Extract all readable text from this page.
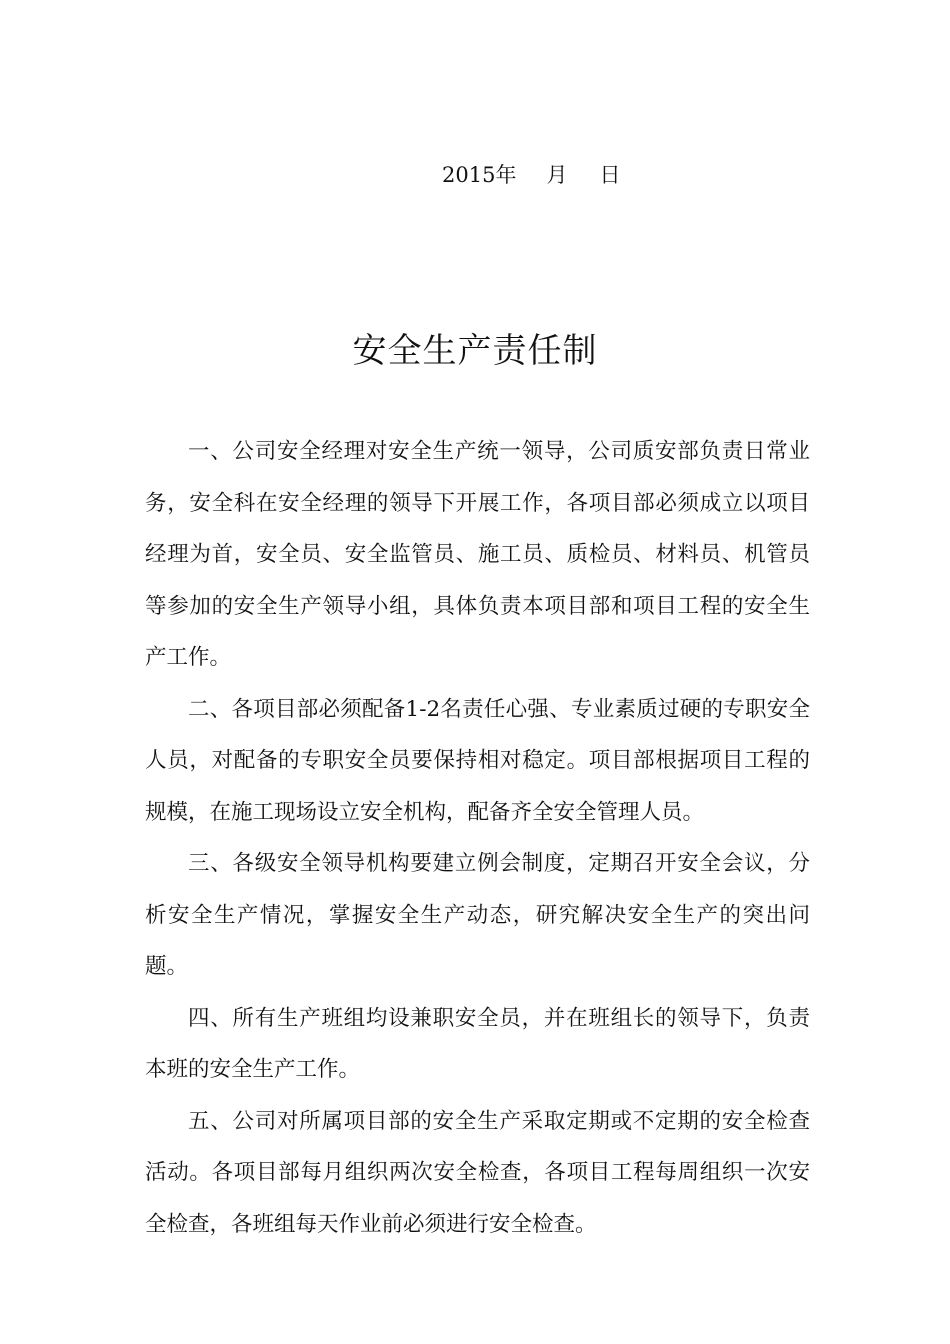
2015年 月 日
安全生产责任制

一、公司安全经理对安全生产统一领导，公司质安部负责日常业务，安全科在安全经理的领导下开展工作，各项目部必须成立以项目经理为首，安全员、安全监管员、施工员、质检员、材料员、机管员等参加的安全生产领导小组，具体负责本项目部和项目工程的安全生产工作。

二、各项目部必须配备1-2名责任心强、专业素质过硬的专职安全人员，对配备的专职安全员要保持相对稳定。项目部根据项目工程的规模，在施工现场设立安全机构，配备齐全安全管理人员。

三、各级安全领导机构要建立例会制度，定期召开安全会议，分析安全生产情况，掌握安全生产动态，研究解决安全生产的突出问题。

四、所有生产班组均设兼职安全员，并在班组长的领导下，负责本班的安全生产工作。

五、公司对所属项目部的安全生产采取定期或不定期的安全检查活动。各项目部每月组织两次安全检查，各项目工程每周组织一次安全检查，各班组每天作业前必须进行安全检查。
